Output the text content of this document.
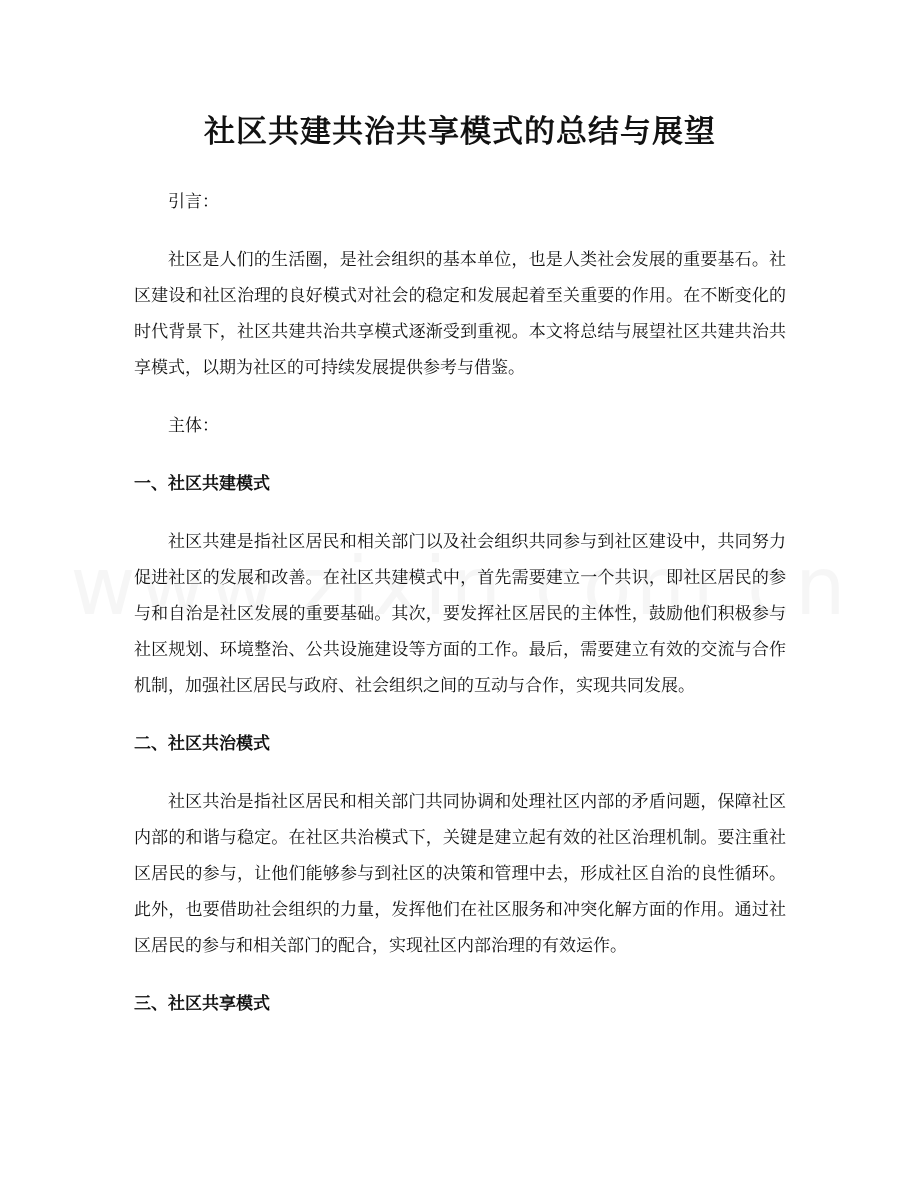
社区共建共治共享模式的总结与展望

引言：

社区是人们的生活圈，是社会组织的基本单位，也是人类社会发展的重要基石。社区建设和社区治理的良好模式对社会的稳定和发展起着至关重要的作用。在不断变化的时代背景下，社区共建共治共享模式逐渐受到重视。本文将总结与展望社区共建共治共享模式，以期为社区的可持续发展提供参考与借鉴。

主体：

一、社区共建模式

社区共建是指社区居民和相关部门以及社会组织共同参与到社区建设中，共同努力促进社区的发展和改善。在社区共建模式中，首先需要建立一个共识，即社区居民的参与和自治是社区发展的重要基础。其次，要发挥社区居民的主体性，鼓励他们积极参与社区规划、环境整治、公共设施建设等方面的工作。最后，需要建立有效的交流与合作机制，加强社区居民与政府、社会组织之间的互动与合作，实现共同发展。

二、社区共治模式

社区共治是指社区居民和相关部门共同协调和处理社区内部的矛盾问题，保障社区内部的和谐与稳定。在社区共治模式下，关键是建立起有效的社区治理机制。要注重社区居民的参与，让他们能够参与到社区的决策和管理中去，形成社区自治的良性循环。此外，也要借助社会组织的力量，发挥他们在社区服务和冲突化解方面的作用。通过社区居民的参与和相关部门的配合，实现社区内部治理的有效运作。

三、社区共享模式
